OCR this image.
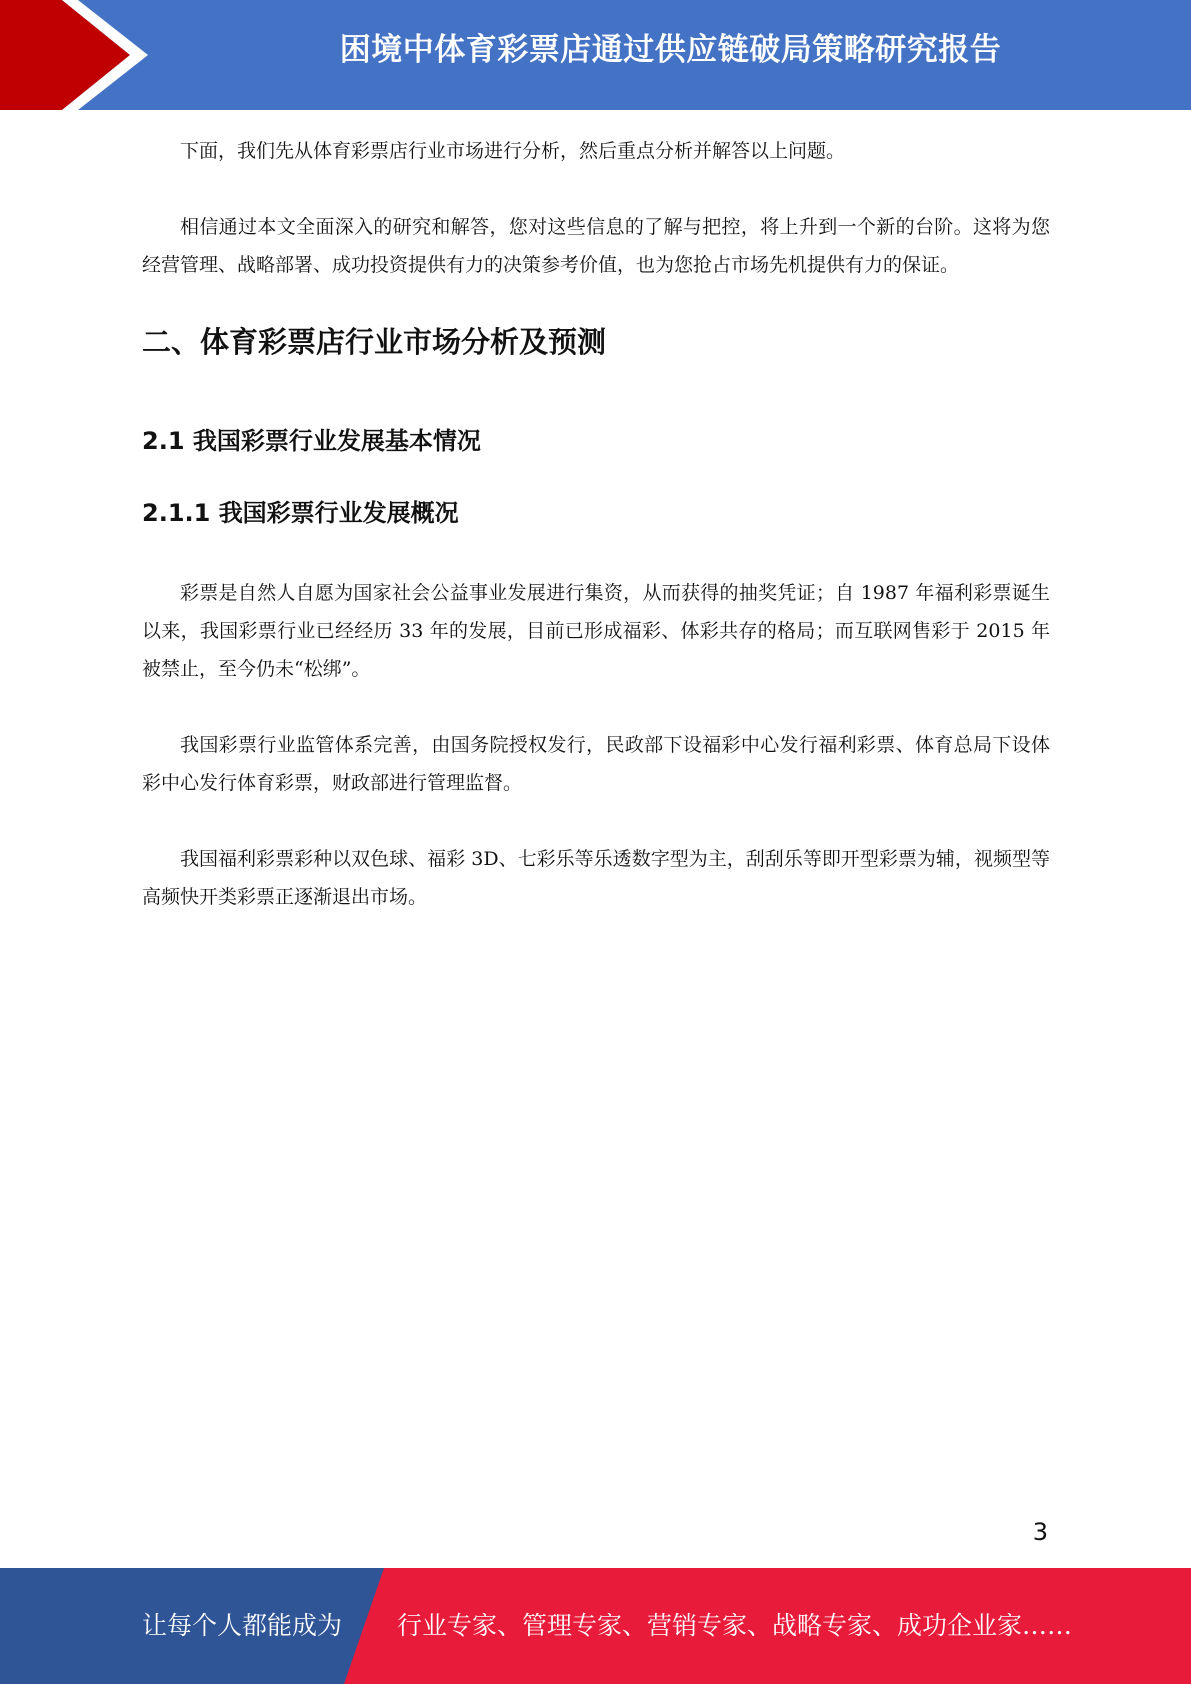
困境中体育彩票店通过供应链破局策略研究报告

下面，我们先从体育彩票店行业市场进行分析，然后重点分析并解答以上问题。

相信通过本文全面深入的研究和解答，您对这些信息的了解与把控，将上升到一个新的台阶。这将为您经营管理、战略部署、成功投资提供有力的决策参考价值，也为您抢占市场先机提供有力的保证。

二、体育彩票店行业市场分析及预测
2.1 我国彩票行业发展基本情况
2.1.1 我国彩票行业发展概况

彩票是自然人自愿为国家社会公益事业发展进行集资，从而获得的抽奖凭证；自 1987 年福利彩票诞生以来，我国彩票行业已经经历 33 年的发展，目前已形成福彩、体彩共存的格局；而互联网售彩于 2015 年被禁止，至今仍未“松绑”。

我国彩票行业监管体系完善，由国务院授权发行，民政部下设福彩中心发行福利彩票、体育总局下设体彩中心发行体育彩票，财政部进行管理监督。

我国福利彩票彩种以双色球、福彩 3D、七彩乐等乐透数字型为主，刮刮乐等即开型彩票为辅，视频型等高频快开类彩票正逐渐退出市场。

3
让每个人都能成为 行业专家、管理专家、营销专家、战略专家、成功企业家……
